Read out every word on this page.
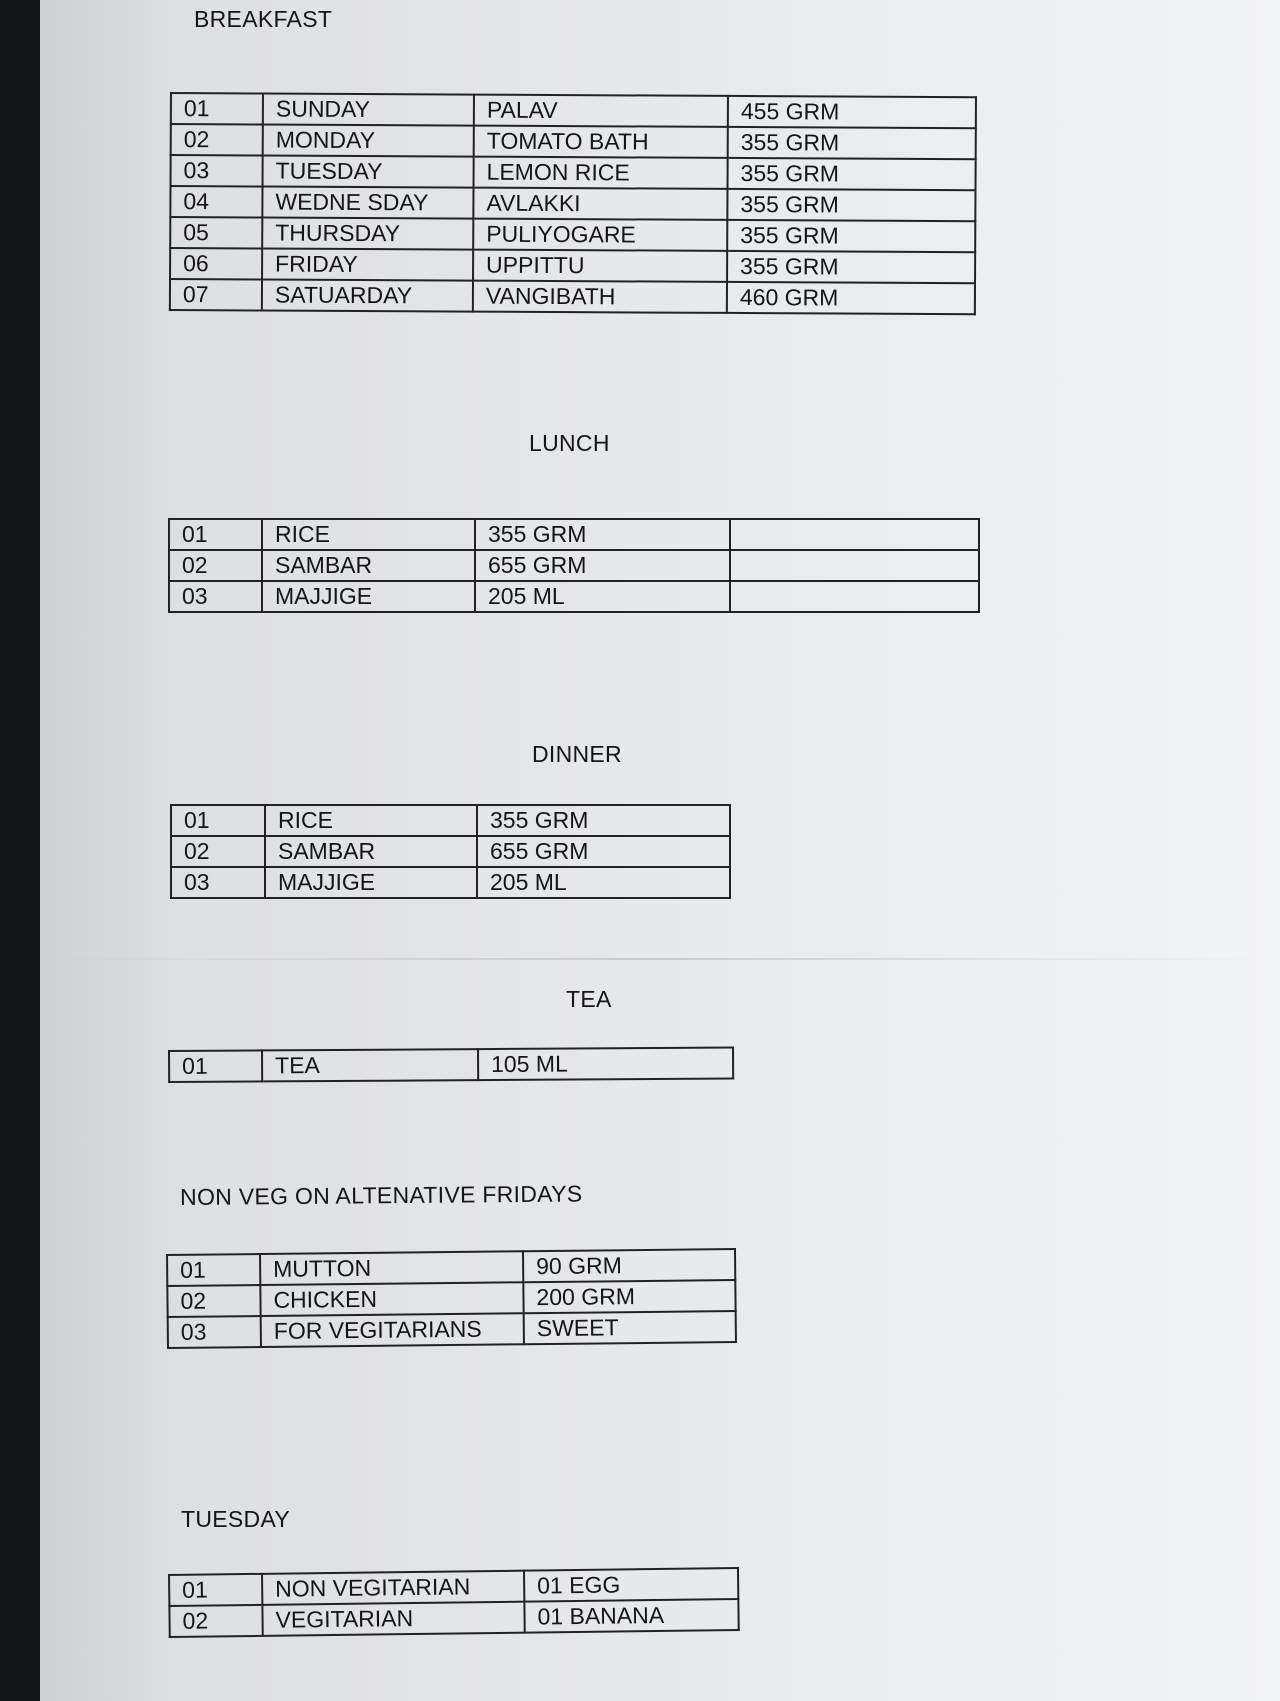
BREAKFAST
01	SUNDAY	PALAV	455 GRM
02	MONDAY	TOMATO BATH	355 GRM
03	TUESDAY	LEMON RICE	355 GRM
04	WEDNE SDAY	AVLAKKI	355 GRM
05	THURSDAY	PULIYOGARE	355 GRM
06	FRIDAY	UPPITTU	355 GRM
07	SATUARDAY	VANGIBATH	460 GRM
LUNCH
01	RICE	355 GRM	
02	SAMBAR	655 GRM	
03	MAJJIGE	205 ML	
DINNER
01	RICE	355 GRM
02	SAMBAR	655 GRM
03	MAJJIGE	205 ML
TEA
01	TEA	105 ML
NON VEG ON ALTENATIVE FRIDAYS
01	MUTTON	90 GRM
02	CHICKEN	200 GRM
03	FOR VEGITARIANS	SWEET
TUESDAY
01	NON VEGITARIAN	01 EGG
02	VEGITARIAN	01 BANANA
